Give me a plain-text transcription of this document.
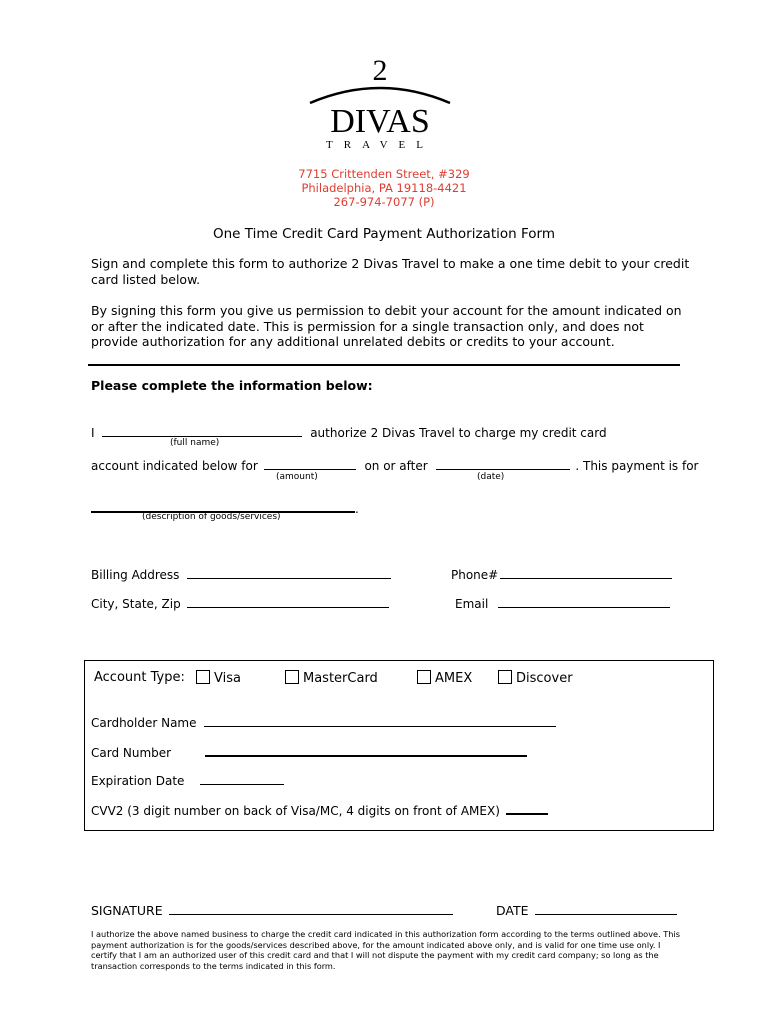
2
DIVAS
TRAVEL
7715 Crittenden Street, #329
Philadelphia, PA 19118-4421
267-974-7077 (P)
One Time Credit Card Payment Authorization Form
Sign and complete this form to authorize 2 Divas Travel to make a one time debit to your credit card listed below.
By signing this form you give us permission to debit your account for the amount indicated on or after the indicated date. This is permission for a single transaction only, and does not provide authorization for any additional unrelated debits or credits to your account.
Please complete the information below:
I	authorize 2 Divas Travel to charge my credit card
(full name)
account indicated below for	on or after	. This payment is for
(amount)	(date)
.
(description of goods/services)
Billing Address	Phone#
City, State, Zip	Email
Account Type:	Visa	MasterCard	AMEX	Discover
Cardholder Name
Card Number
Expiration Date
CVV2 (3 digit number on back of Visa/MC, 4 digits on front of AMEX)
SIGNATURE	DATE
I authorize the above named business to charge the credit card indicated in this authorization form according to the terms outlined above. This payment authorization is for the goods/services described above, for the amount indicated above only, and is valid for one time use only. I certify that I am an authorized user of this credit card and that I will not dispute the payment with my credit card company; so long as the transaction corresponds to the terms indicated in this form.
